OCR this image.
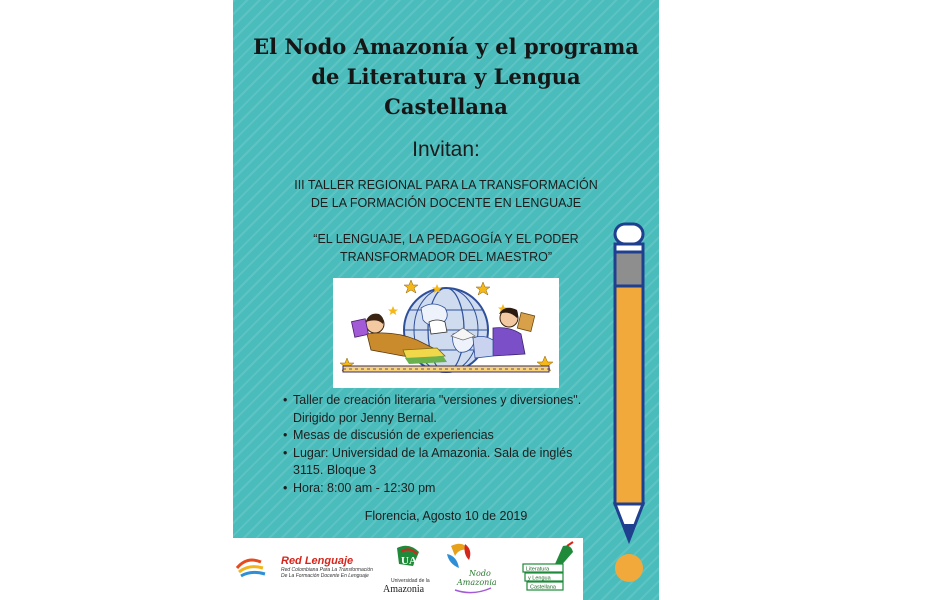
El Nodo Amazonía y el programa
de Literatura y Lengua
Castellana
Invitan:
III TALLER REGIONAL PARA LA TRANSFORMACIÓN
DE LA FORMACIÓN DOCENTE EN LENGUAJE
“EL LENGUAJE, LA PEDAGOGÍA Y EL PODER
TRANSFORMADOR DEL MAESTRO”
• Taller de creación literaria "versiones y diversiones".
Dirigido por Jenny Bernal.
• Mesas de discusión de experiencias
• Lugar: Universidad de la Amazonia. Sala de inglés
3115. Bloque 3
• Hora: 8:00 am - 12:30 pm
Florencia, Agosto 10 de 2019
Red Lenguaje
Red Colombiana Para La Transformación
De La Formación Docente En Lenguaje
UA
Universidad de la
Amazonia
Nodo
Amazonia
Literatura
y Lengua
Castellana
